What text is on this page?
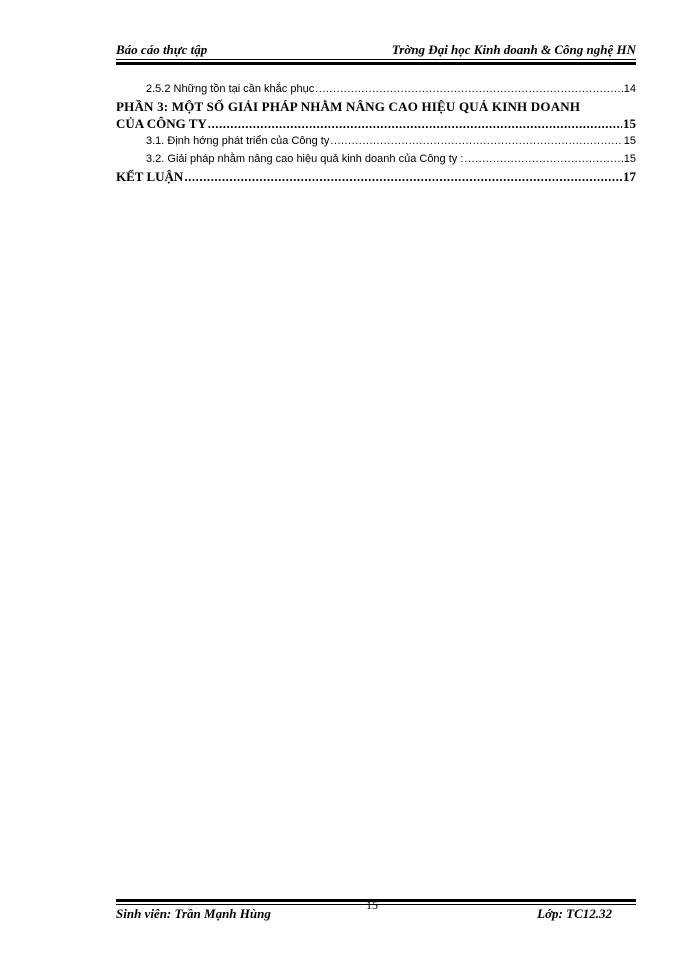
Báo cáo thực tập	Trờng Đại học Kinh doanh & Công nghệ HN
2.5.2 Những tồn tại cần khắc phục .....	14
PHẦN 3: MỘT SỐ GIẢI PHÁP NHẰM NÂNG CAO HIỆU QUẢ KINH DOANH
CỦA CÔNG TY .....	15
3.1. Định hớng phát triển của Công ty .....	15
3.2. Giải pháp nhằm nâng cao hiệu quả kinh doanh của Công ty : .....	15
KẾT LUẬN .....	17
15
Sinh viên: Trần Mạnh Hùng	Lớp: TC12.32
